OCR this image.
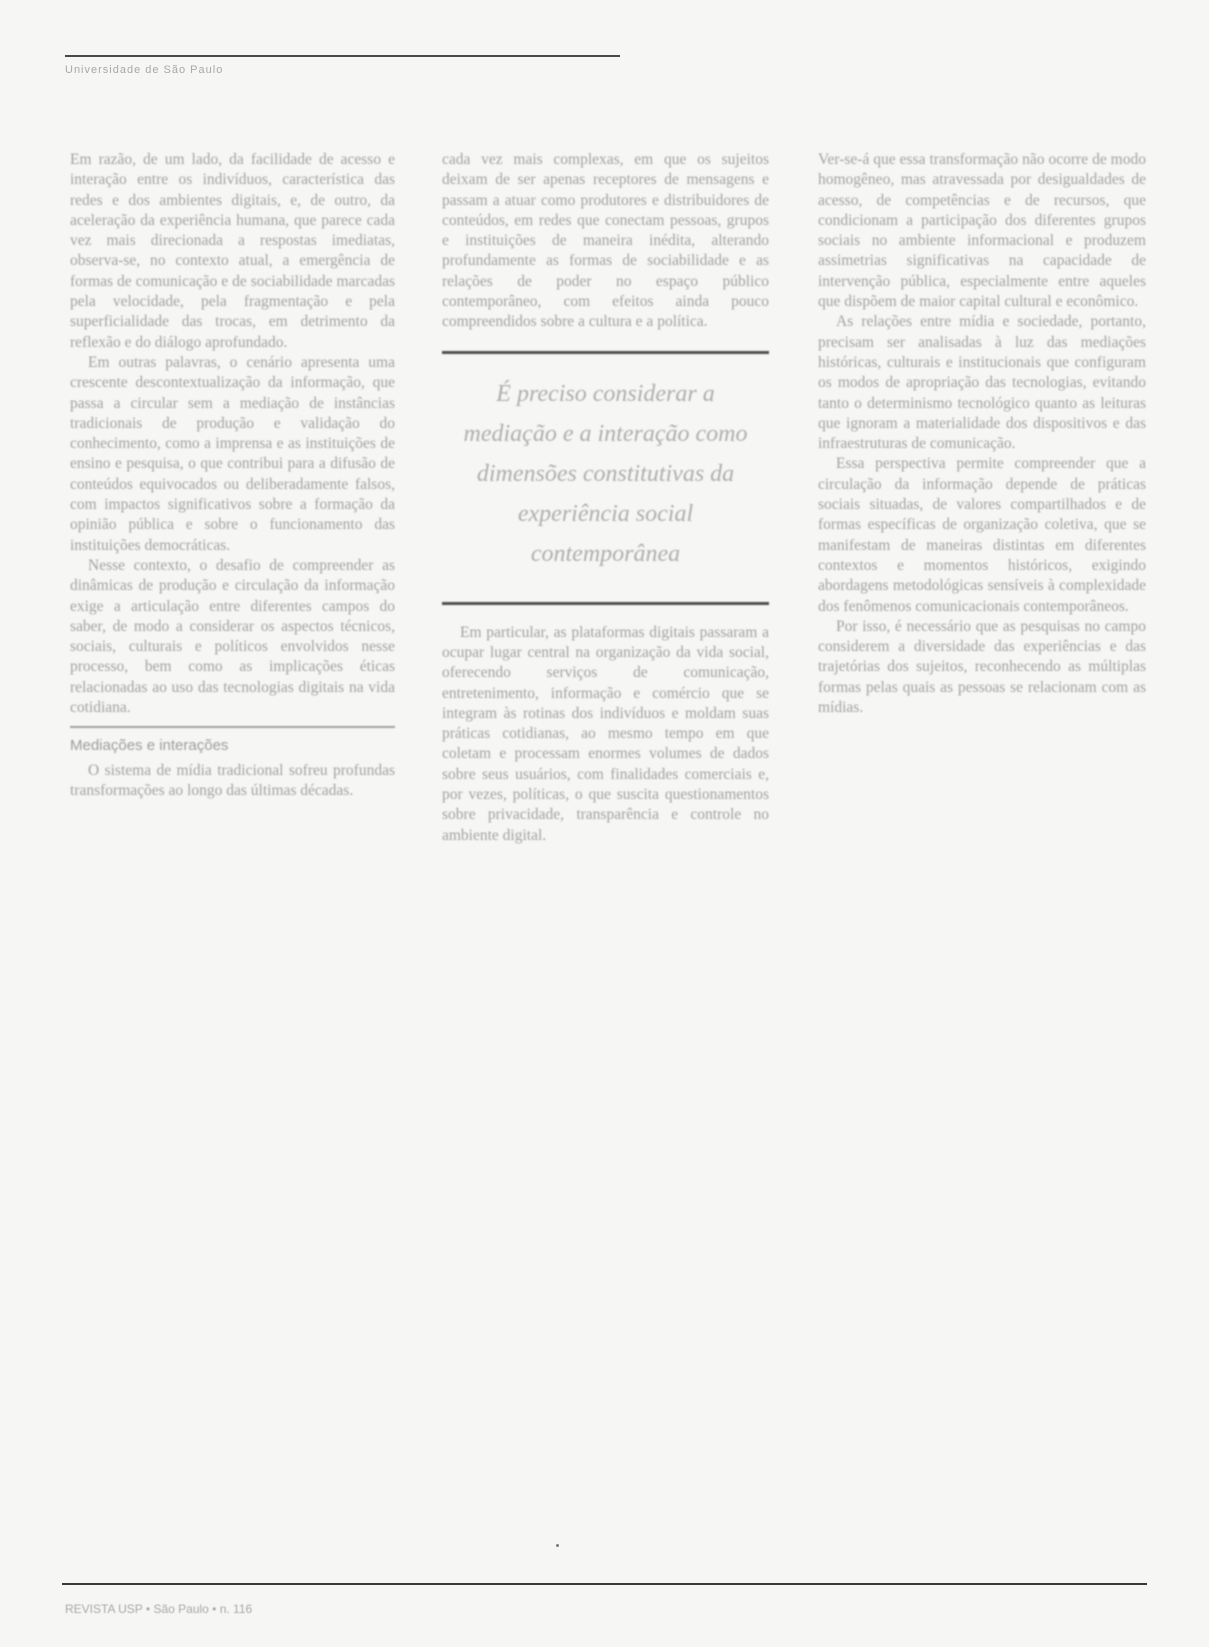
Universidade de São Paulo

Em razão, de um lado, da facilidade de acesso e interação entre os indivíduos, característica das redes e dos ambientes digitais, e, de outro, da aceleração da experiência humana, que parece cada vez mais direcionada a respostas imediatas, observa-se, no contexto atual, a emergência de formas de comunicação e de sociabilidade marcadas pela velocidade, pela fragmentação e pela superficialidade das trocas, em detrimento da reflexão e do diálogo aprofundado.

Em outras palavras, o cenário apresenta uma crescente descontextualização da informação, que passa a circular sem a mediação de instâncias tradicionais de produção e validação do conhecimento, como a imprensa e as instituições de ensino e pesquisa, o que contribui para a difusão de conteúdos equivocados ou deliberadamente falsos, com impactos significativos sobre a formação da opinião pública e sobre o funcionamento das instituições democráticas.

Nesse contexto, o desafio de compreender as dinâmicas de produção e circulação da informação exige a articulação entre diferentes campos do saber, de modo a considerar os aspectos técnicos, sociais, culturais e políticos envolvidos nesse processo, bem como as implicações éticas relacionadas ao uso das tecnologias digitais na vida cotidiana.

Mediações e interações

O sistema de mídia tradicional sofreu profundas transformações ao longo das últimas décadas.

cada vez mais complexas, em que os sujeitos deixam de ser apenas receptores de mensagens e passam a atuar como produtores e distribuidores de conteúdos, em redes que conectam pessoas, grupos e instituições de maneira inédita, alterando profundamente as formas de sociabilidade e as relações de poder no espaço público contemporâneo, com efeitos ainda pouco compreendidos sobre a cultura e a política.

É preciso considerar a mediação e a interação como dimensões constitutivas da experiência social contemporânea

Em particular, as plataformas digitais passaram a ocupar lugar central na organização da vida social, oferecendo serviços de comunicação, entretenimento, informação e comércio que se integram às rotinas dos indivíduos e moldam suas práticas cotidianas, ao mesmo tempo em que coletam e processam enormes volumes de dados sobre seus usuários, com finalidades comerciais e, por vezes, políticas, o que suscita questionamentos sobre privacidade, transparência e controle no ambiente digital.

Ver-se-á que essa transformação não ocorre de modo homogêneo, mas atravessada por desigualdades de acesso, de competências e de recursos, que condicionam a participação dos diferentes grupos sociais no ambiente informacional e produzem assimetrias significativas na capacidade de intervenção pública, especialmente entre aqueles que dispõem de maior capital cultural e econômico.

As relações entre mídia e sociedade, portanto, precisam ser analisadas à luz das mediações históricas, culturais e institucionais que configuram os modos de apropriação das tecnologias, evitando tanto o determinismo tecnológico quanto as leituras que ignoram a materialidade dos dispositivos e das infraestruturas de comunicação.

Essa perspectiva permite compreender que a circulação da informação depende de práticas sociais situadas, de valores compartilhados e de formas específicas de organização coletiva, que se manifestam de maneiras distintas em diferentes contextos e momentos históricos, exigindo abordagens metodológicas sensíveis à complexidade dos fenômenos comunicacionais contemporâneos.

Por isso, é necessário que as pesquisas no campo considerem a diversidade das experiências e das trajetórias dos sujeitos, reconhecendo as múltiplas formas pelas quais as pessoas se relacionam com as mídias.

REVISTA USP • São Paulo • n. 116
